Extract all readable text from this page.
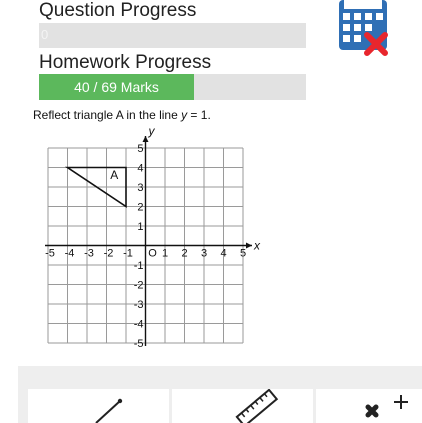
Question Progress
0
Homework Progress
40 / 69 Marks
Reflect triangle A in the line y = 1.
x
y
-5 -4 -3 -2 -1 O 1 2 3 4 5
5
4
3
2
1
-1
-2
-3
-4
-5
A
